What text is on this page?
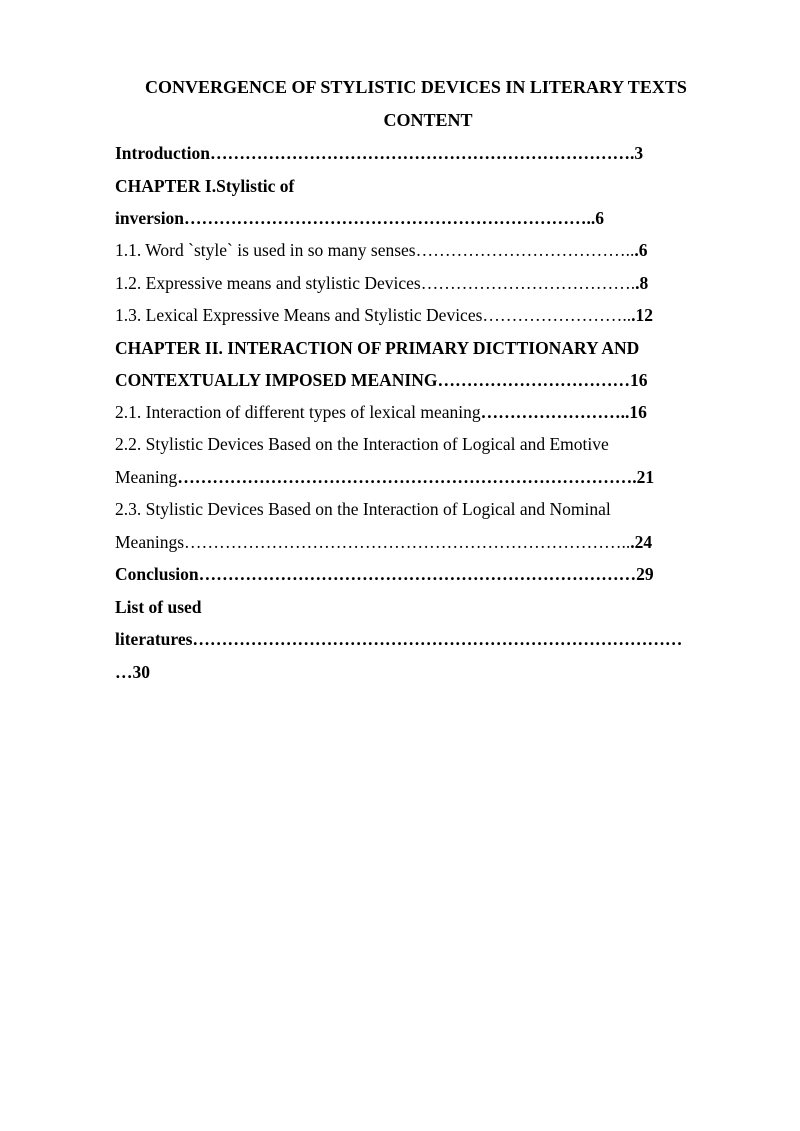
CONVERGENCE OF STYLISTIC DEVICES IN LITERARY TEXTS
CONTENT
Introduction……………………………………………………………….3
CHAPTER I.Stylistic of
inversion……………………………………………………………..6
1.1. Word `style` is used in so many senses………………………………...6
1.2. Expressive means and stylistic Devices………………………………..8
1.3. Lexical Expressive Means and Stylistic Devices……………………...12
CHAPTER II. INTERACTION OF PRIMARY DICTTIONARY AND
CONTEXTUALLY IMPOSED MEANING……………………………16
2.1. Interaction of different types of lexical meaning……………………..16
2.2. Stylistic Devices Based on the Interaction of Logical and Emotive
Meaning…………………………………………………………………….21
2.3. Stylistic Devices Based on the Interaction of Logical and Nominal
Meanings…………………………………………………………………...24
Conclusion…………………………………………………………………29
List of used
literatures…………………………………………………………………………
…30
